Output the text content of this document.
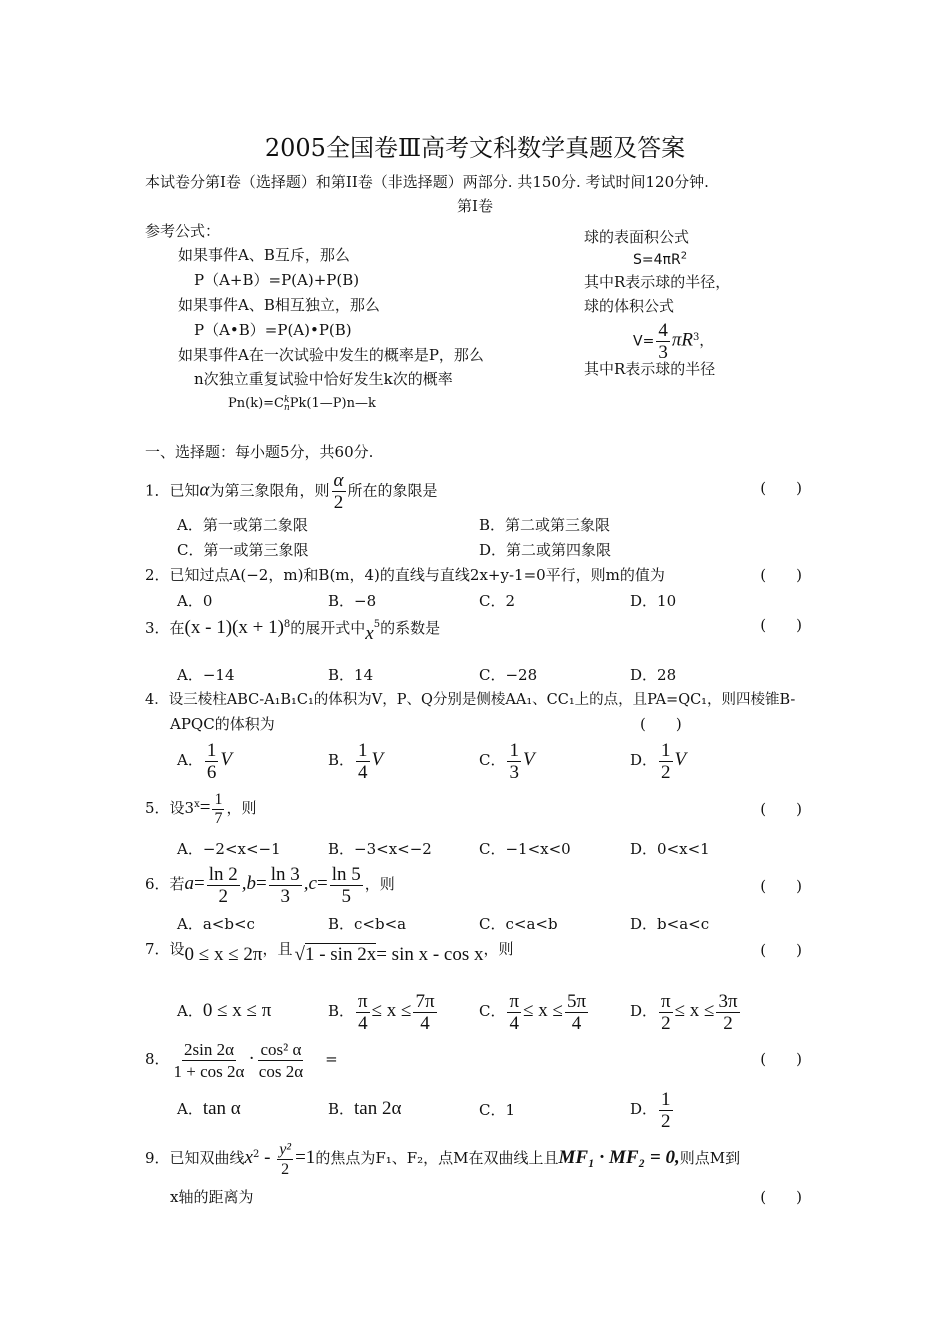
2005全国卷Ⅲ高考文科数学真题及答案
本试卷分第Ⅰ卷（选择题）和第II卷（非选择题）两部分. 共150分. 考试时间120分钟.
第Ⅰ卷
参考公式：
如果事件A、B互斥，那么
P（A+B）=P(A)+P(B)
如果事件A、B相互独立，那么
P（A•B）=P(A)•P(B)
如果事件A在一次试验中发生的概率是P，那么
n次独立重复试验中恰好发生k次的概率
Pn(k)=C k
n Pk(1—P)n—k
球的表面积公式
$S=4\pi R^2$
其中R表示球的半径，
球的体积公式
$V= \frac{4}{3} \pi R^3$，
其中R表示球的半径
一、选择题：每小题5分，共60分.
1．已知α为第三象限角，则 $\frac{\alpha}{2}$ 所在的象限是	(　　)
A．第一或第二象限	B．第二或第三象限
C．第一或第三象限	D．第二或第四象限
2．已知过点A(−2，m)和B(m，4)的直线与直线2x+y-1=0平行，则m的值为	(　　)
A．0	B．−8	C．2	D．10
3．在$(x - 1)(x + 1)^8$的展开式中$x^5$的系数是	(　　)
A．−14	B．14	C．−28	D．28
4．设三棱柱ABC-A₁B₁C₁的体积为V，P、Q分别是侧棱AA₁、CC₁上的点，且PA=QC₁，则四棱锥B-
APQC的体积为	(　　)
A． $\frac{1}{6}$ V	B． $\frac{1}{4}$ V	C． $\frac{1}{3}$ V	D． $\frac{1}{2}$ V
5．设$3^x= \frac{1}{7}$ ，则	(　　)
A．−2<x<−1	B．−3<x<−2	C．−1<x<0	D．0<x<1
6．若$a= \frac{\ln 2}{2} ,b= \frac{\ln 3}{3} ,c= \frac{\ln 5}{5}$ ，则	(　　)
A．a<b<c	B．c<b<a	C．c<a<b	D．b<a<c
7．设0 ≤ x ≤ 2π，且 √1 - sin 2x= sin x - cos x，则	(　　)
A．0 ≤ x ≤ π	B． $\frac{\pi}{4} \le x \le \frac{7\pi}{4}$	C． $\frac{\pi}{4} \le x \le \frac{5\pi}{4}$	D． $\frac{\pi}{2} \le x \le \frac{3\pi}{2}$
8． $\frac{2\sin 2\alpha}{1 + \cos 2\alpha} \cdot \frac{\text{cos² α}}{\cos 2\alpha}$ =	(　　)
A．tan α	B．tan 2α	C．1	D． $\frac{1}{2}$
9．已知双曲线$x^2 - \frac{\text{y²}}{2} =1$的焦点为F₁、F₂，点M在双曲线上且MF₁ · MF₂ = 0,则点M到
x轴的距离为	(　　)
